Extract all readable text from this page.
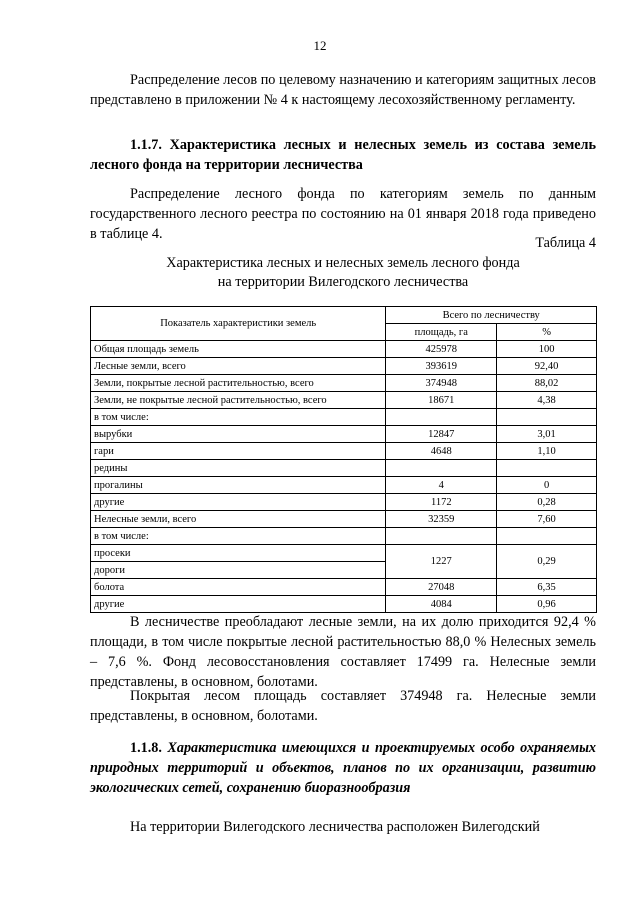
12
Распределение лесов по целевому назначению и категориям защитных лесов представлено в приложении № 4 к настоящему лесохозяйственному регламенту.
1.1.7. Характеристика лесных и нелесных земель из состава земель лесного фонда на территории лесничества
Распределение лесного фонда по категориям земель по данным государственного лесного реестра по состоянию на 01 января 2018 года приведено в таблице 4.
Таблица 4
Характеристика лесных и нелесных земель лесного фонда
на территории Вилегодского лесничества
Показатель характеристики земель	Всего по лесничеству	
	площадь, га	%
Общая площадь земель	425978	100
Лесные земли, всего	393619	92,40
Земли, покрытые лесной растительностью, всего	374948	88,02
Земли, не покрытые лесной растительностью, всего	18671	4,38
в том числе:		
вырубки	12847	3,01
гари	4648	1,10
редины		
прогалины	4	0
другие	1172	0,28
Нелесные земли, всего	32359	7,60
в том числе:		
просеки	1227	0,29
дороги		
болота	27048	6,35
другие	4084	0,96
В лесничестве преобладают лесные земли, на их долю приходится 92,4 % площади, в том числе покрытые лесной растительностью 88,0 % Нелесных земель – 7,6 %. Фонд лесовосстановления составляет 17499 га. Нелесные земли представлены, в основном, болотами.
Покрытая лесом площадь составляет 374948 га. Нелесные земли представлены, в основном, болотами.
1.1.8. Характеристика имеющихся и проектируемых особо охраняемых природных территорий и объектов, планов по их организации, развитию экологических сетей, сохранению биоразнообразия
На территории Вилегодского лесничества расположен Вилегодский
